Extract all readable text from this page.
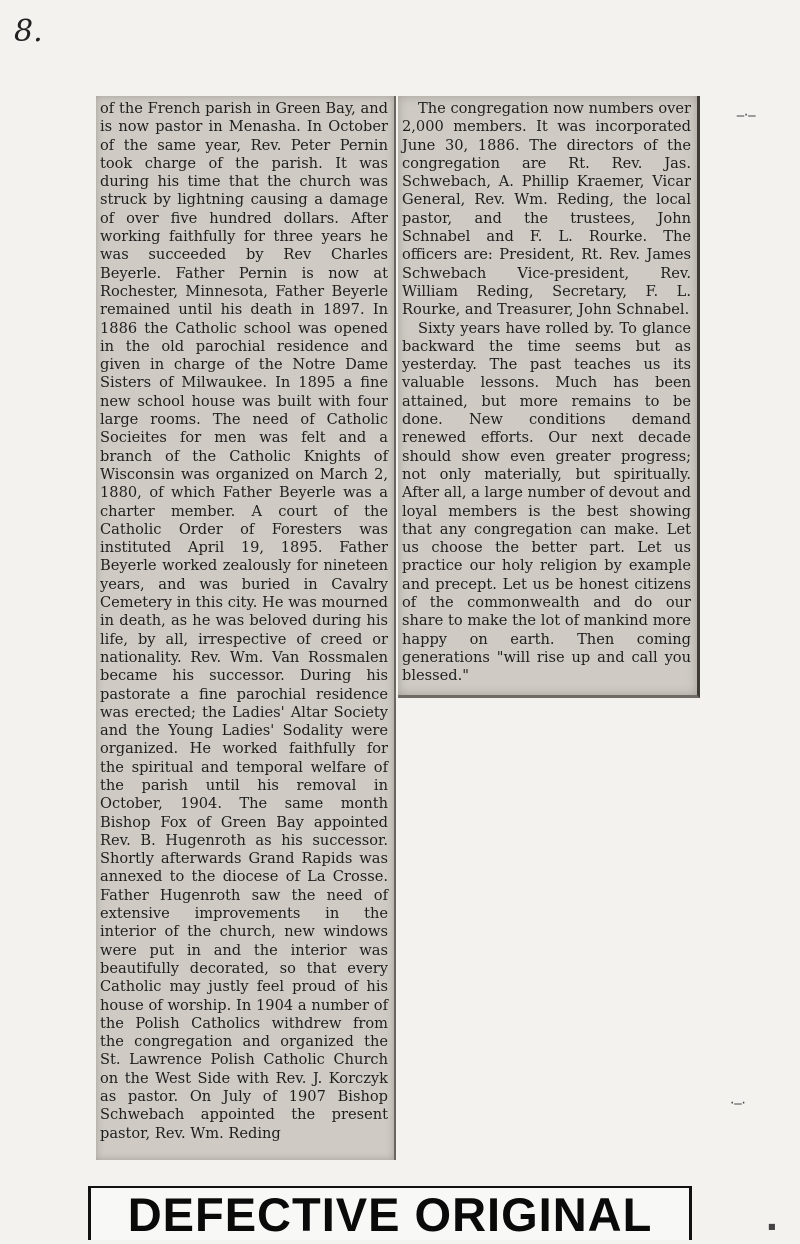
8.

of the French parish in Green Bay, and is now pastor in Menasha. In October of the same year, Rev. Peter Pernin took charge of the parish. It was during his time that the church was struck by lightning causing a damage of over five hundred dollars. After working faithfully for three years he was succeeded by Rev Charles Beyerle. Father Pernin is now at Rochester, Minnesota, Father Beyerle remained until his death in 1897. In 1886 the Catholic school was opened in the old parochial residence and given in charge of the Notre Dame Sisters of Milwaukee. In 1895 a fine new school house was built with four large rooms. The need of Catholic Socieites for men was felt and a branch of the Catholic Knights of Wisconsin was organized on March 2, 1880, of which Father Beyerle was a charter member. A court of the Catholic Order of Foresters was instituted April 19, 1895. Father Beyerle worked zealously for nineteen years, and was buried in Cavalry Cemetery in this city. He was mourned in death, as he was beloved during his life, by all, irrespective of creed or nationality. Rev. Wm. Van Rossmalen became his successor. During his pastorate a fine parochial residence was erected; the Ladies' Altar Society and the Young Ladies' Sodality were organized. He worked faithfully for the spiritual and temporal welfare of the parish until his removal in October, 1904. The same month Bishop Fox of Green Bay appointed Rev. B. Hugenroth as his successor. Shortly afterwards Grand Rapids was annexed to the diocese of La Crosse. Father Hugenroth saw the need of extensive improvements in the interior of the church, new windows were put in and the interior was beautifully decorated, so that every Catholic may justly feel proud of his house of worship. In 1904 a number of the Polish Catholics withdrew from the congregation and organized the St. Lawrence Polish Catholic Church on the West Side with Rev. J. Korczyk as pastor. On July of 1907 Bishop Schwebach appointed the present pastor, Rev. Wm. Reding

The congregation now numbers over 2,000 members. It was incorporated June 30, 1886. The directors of the congregation are Rt. Rev. Jas. Schwebach, A. Phillip Kraemer, Vicar General, Rev. Wm. Reding, the local pastor, and the trustees, John Schnabel and F. L. Rourke. The officers are: President, Rt. Rev. James Schwebach Vice-president, Rev. William Reding, Secretary, F. L. Rourke, and Treasurer, John Schnabel.

Sixty years have rolled by. To glance backward the time seems but as yesterday. The past teaches us its valuable lessons. Much has been attained, but more remains to be done. New conditions demand renewed efforts. Our next decade should show even greater progress; not only materially, but spiritually. After all, a large number of devout and loyal members is the best showing that any congregation can make. Let us choose the better part. Let us practice our holy religion by example and precept. Let us be honest citizens of the commonwealth and do our share to make the lot of mankind more happy on earth. Then coming generations "will rise up and call you blessed."

‒‧‒
‧‒‧
■
DEFECTIVE ORIGINAL
